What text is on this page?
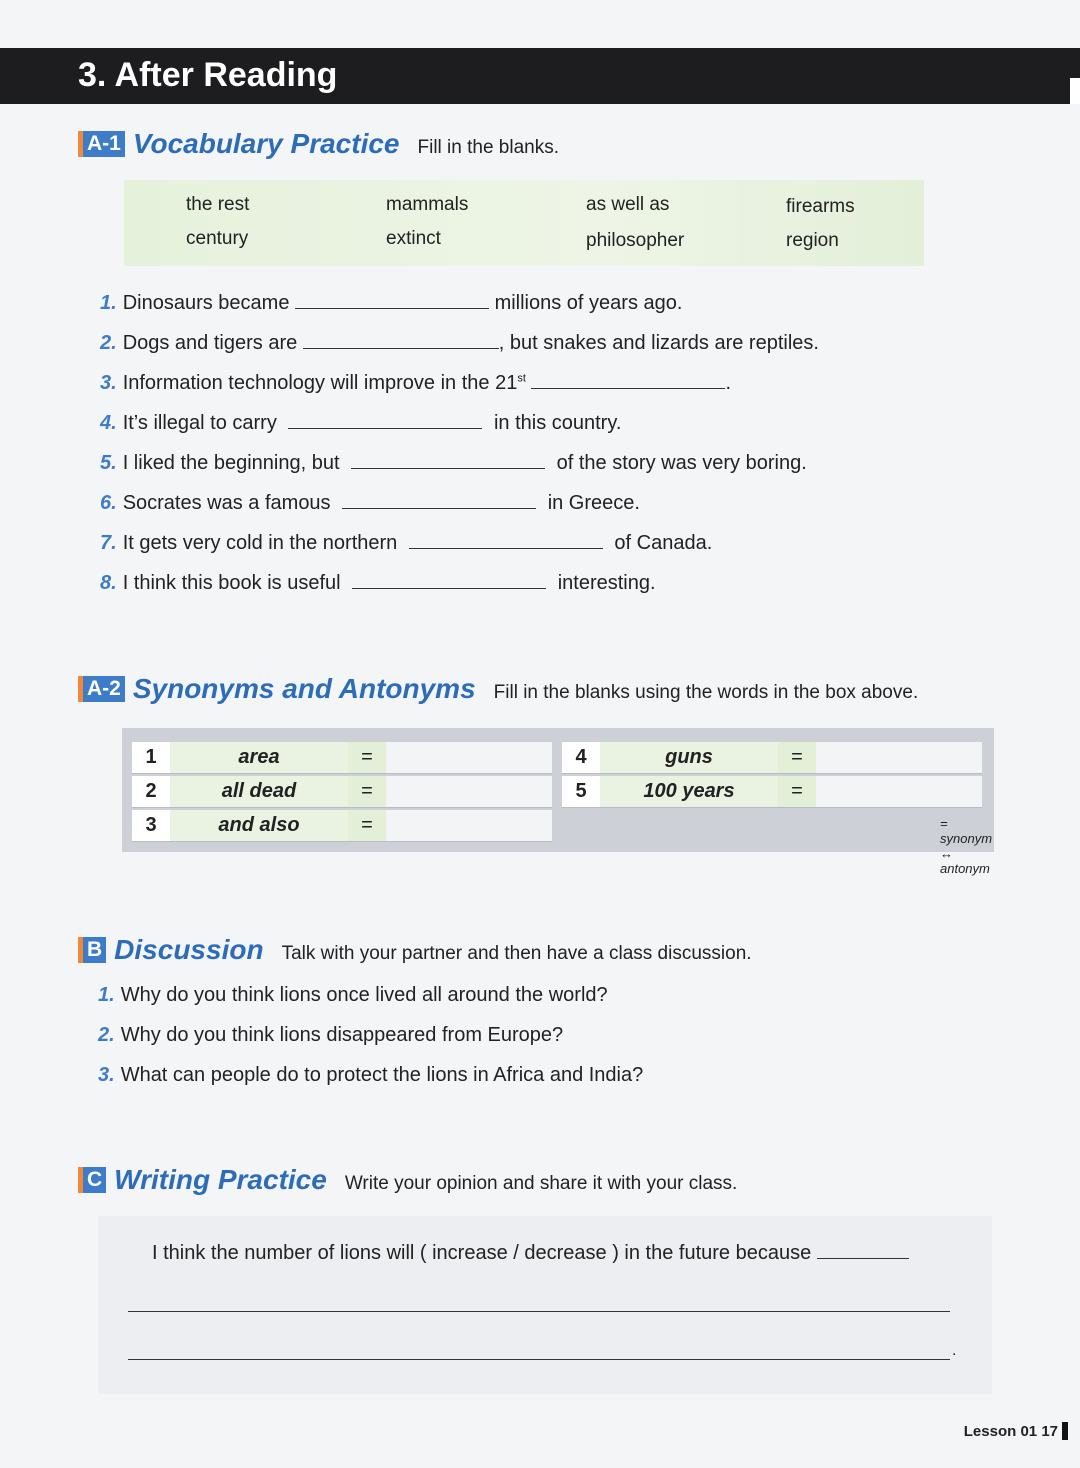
3. After Reading
A-1 Vocabulary Practice Fill in the blanks.
the rest	mammals	as well as	firearms
century	extinct	philosopher	region
1. Dinosaurs became	millions of years ago.
2. Dogs and tigers are	, but snakes and lizards are reptiles.
3. Information technology will improve in the 21st	.
4. It’s illegal to carry	in this country.
5. I liked the beginning, but	of the story was very boring.
6. Socrates was a famous	in Greece.
7. It gets very cold in the northern	of Canada.
8. I think this book is useful	interesting.
A-2 Synonyms and Antonyms Fill in the blanks using the words in the box above.
1	area	=
2	all dead	=
3	and also	=
4	guns	=
5	100 years	=
= synonym ↔ antonym
B Discussion Talk with your partner and then have a class discussion.
1. Why do you think lions once lived all around the world?
2. Why do you think lions disappeared from Europe?
3. What can people do to protect the lions in Africa and India?
C Writing Practice Write your opinion and share it with your class.
I think the number of lions will ( increase / decrease ) in the future because
.
Lesson 01
17
